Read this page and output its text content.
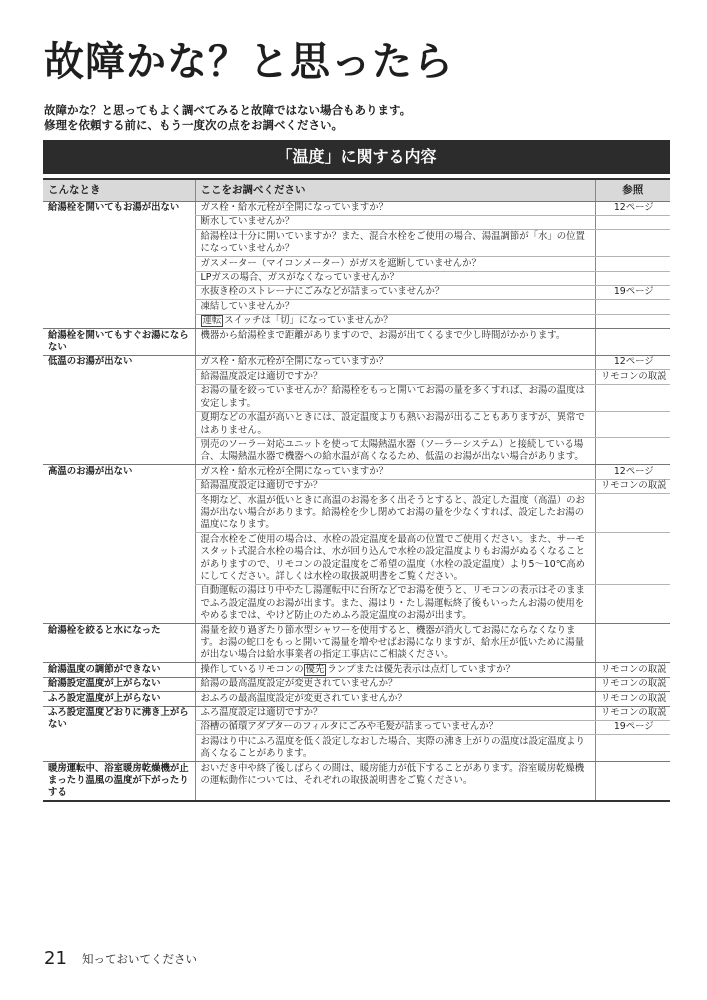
故障かな？と思ったら
故障かな？と思ってもよく調べてみると故障ではない場合もあります。
修理を依頼する前に、もう一度次の点をお調べください。
「温度」に関する内容
こんなとき	ここをお調べください	参照
給湯栓を開いてもお湯が出ない	ガス栓・給水元栓が全開になっていますか？	12ページ
	断水していませんか？	
	給湯栓は十分に開いていますか？また、混合水栓をご使用の場合、湯温調節が「水」の位置になっていませんか？	
	ガスメーター（マイコンメーター）がガスを遮断していませんか？	
	LPガスの場合、ガスがなくなっていませんか？	
	水抜き栓のストレーナにごみなどが詰まっていませんか？	19ページ
	凍結していませんか？	
	運転 スイッチは「切」になっていませんか？	
給湯栓を開いてもすぐお湯にならない	機器から給湯栓まで距離がありますので、お湯が出てくるまで少し時間がかかります。	
低温のお湯が出ない	ガス栓・給水元栓が全開になっていますか？	12ページ
	給湯温度設定は適切ですか？	リモコンの取説
	お湯の量を絞っていませんか？給湯栓をもっと開いてお湯の量を多くすれば、お湯の温度は安定します。	
	夏期などの水温が高いときには、設定温度よりも熱いお湯が出ることもありますが、異常ではありません。	
	別売のソーラー対応ユニットを使って太陽熱温水器（ソーラーシステム）と接続している場合、太陽熱温水器で機器への給水温が高くなるため、低温のお湯が出ない場合があります。	
高温のお湯が出ない	ガス栓・給水元栓が全開になっていますか？	12ページ
	給湯温度設定は適切ですか？	リモコンの取説
	冬期など、水温が低いときに高温のお湯を多く出そうとすると、設定した温度（高温）のお湯が出ない場合があります。給湯栓を少し閉めてお湯の量を少なくすれば、設定したお湯の温度になります。	
	混合水栓をご使用の場合は、水栓の設定温度を最高の位置でご使用ください。また、サーモスタット式混合水栓の場合は、水が回り込んで水栓の設定温度よりもお湯がぬるくなることがありますので、リモコンの設定温度をご希望の温度（水栓の設定温度）より5～10℃高めにしてください。詳しくは水栓の取扱説明書をご覧ください。	
	自動運転の湯はり中やたし湯運転中に台所などでお湯を使うと、リモコンの表示はそのままでふろ設定温度のお湯が出ます。また、湯はり・たし湯運転終了後もいったんお湯の使用をやめるまでは、やけど防止のためふろ設定温度のお湯が出ます。	
給湯栓を絞ると水になった	湯量を絞り過ぎたり節水型シャワーを使用すると、機器が消火してお湯にならなくなります。お湯の蛇口をもっと開いて湯量を増やせばお湯になりますが、給水圧が低いために湯量が出ない場合は給水事業者の指定工事店にご相談ください。	
給湯温度の調節ができない	操作しているリモコンの 優先 ランプまたは優先表示は点灯していますか？	リモコンの取説
給湯設定温度が上がらない	給湯の最高温度設定が変更されていませんか？	リモコンの取説
ふろ設定温度が上がらない	おふろの最高温度設定が変更されていませんか？	リモコンの取説
ふろ設定温度どおりに沸き上がらない	ふろ温度設定は適切ですか？	リモコンの取説
	浴槽の循環アダプターのフィルタにごみや毛髪が詰まっていませんか？	19ページ
	お湯はり中にふろ温度を低く設定しなおした場合、実際の沸き上がりの温度は設定温度より高くなることがあります。	
暖房運転中、浴室暖房乾燥機が止まったり温風の温度が下がったりする	おいだき中や終了後しばらくの間は、暖房能力が低下することがあります。浴室暖房乾燥機の運転動作については、それぞれの取扱説明書をご覧ください。	
21 知っておいてください
